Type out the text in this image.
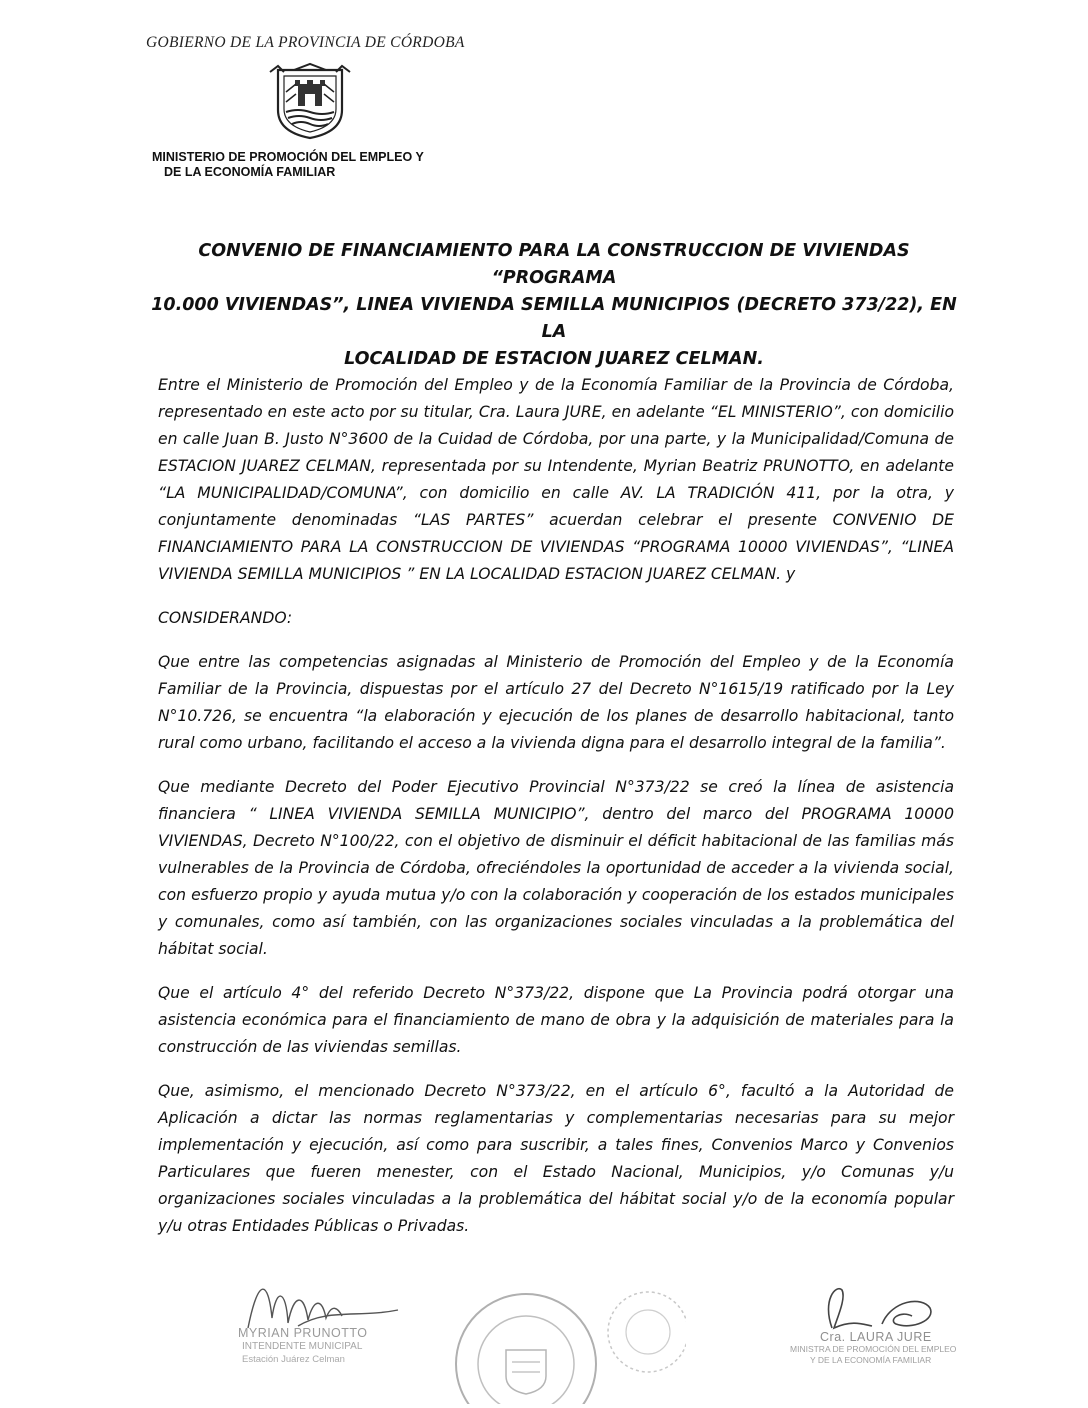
GOBIERNO DE LA PROVINCIA DE CÓRDOBA
MINISTERIO DE PROMOCIÓN DEL EMPLEO Y
DE LA ECONOMÍA FAMILIAR
CONVENIO DE FINANCIAMIENTO PARA LA CONSTRUCCION DE VIVIENDAS “PROGRAMA
10.000 VIVIENDAS”, LINEA VIVIENDA SEMILLA MUNICIPIOS (DECRETO 373/22), EN LA
LOCALIDAD DE ESTACION JUAREZ CELMAN.

Entre el Ministerio de Promoción del Empleo y de la Economía Familiar de la Provincia de Córdoba, representado en este acto por su titular, Cra. Laura JURE, en adelante “EL MINISTERIO”, con domicilio en calle Juan B. Justo N°3600 de la Cuidad de Córdoba, por una parte, y la Municipalidad/Comuna de ESTACION JUAREZ CELMAN, representada por su Intendente, Myrian Beatriz PRUNOTTO, en adelante “LA MUNICIPALIDAD/COMUNA”, con domicilio en calle AV. LA TRADICIÓN 411, por la otra, y conjuntamente denominadas “LAS PARTES” acuerdan celebrar el presente CONVENIO DE FINANCIAMIENTO PARA LA CONSTRUCCION DE VIVIENDAS “PROGRAMA 10000 VIVIENDAS”, “LINEA VIVIENDA SEMILLA MUNICIPIOS ” EN LA LOCALIDAD ESTACION JUAREZ CELMAN. y

CONSIDERANDO:

Que entre las competencias asignadas al Ministerio de Promoción del Empleo y de la Economía Familiar de la Provincia, dispuestas por el artículo 27 del Decreto N°1615/19 ratificado por la Ley N°10.726, se encuentra “la elaboración y ejecución de los planes de desarrollo habitacional, tanto rural como urbano, facilitando el acceso a la vivienda digna para el desarrollo integral de la familia”.

Que mediante Decreto del Poder Ejecutivo Provincial N°373/22 se creó la línea de asistencia financiera “ LINEA VIVIENDA SEMILLA MUNICIPIO”, dentro del marco del PROGRAMA 10000 VIVIENDAS, Decreto N°100/22, con el objetivo de disminuir el déficit habitacional de las familias más vulnerables de la Provincia de Córdoba, ofreciéndoles la oportunidad de acceder a la vivienda social, con esfuerzo propio y ayuda mutua y/o con la colaboración y cooperación de los estados municipales y comunales, como así también, con las organizaciones sociales vinculadas a la problemática del hábitat social.

Que el artículo 4° del referido Decreto N°373/22, dispone que La Provincia podrá otorgar una asistencia económica para el financiamiento de mano de obra y la adquisición de materiales para la construcción de las viviendas semillas.

Que, asimismo, el mencionado Decreto N°373/22, en el artículo 6°, facultó a la Autoridad de Aplicación a dictar las normas reglamentarias y complementarias necesarias para su mejor implementación y ejecución, así como para suscribir, a tales fines, Convenios Marco y Convenios Particulares que fueren menester, con el Estado Nacional, Municipios, y/o Comunas y/u organizaciones sociales vinculadas a la problemática del hábitat social y/o de la economía popular y/u otras Entidades Públicas o Privadas.

MYRIAN PRUNOTTO
INTENDENTE MUNICIPAL
Estación Juárez Celman
Cra. LAURA JURE
MINISTRA DE PROMOCIÓN DEL EMPLEO
Y DE LA ECONOMÍA FAMILIAR
